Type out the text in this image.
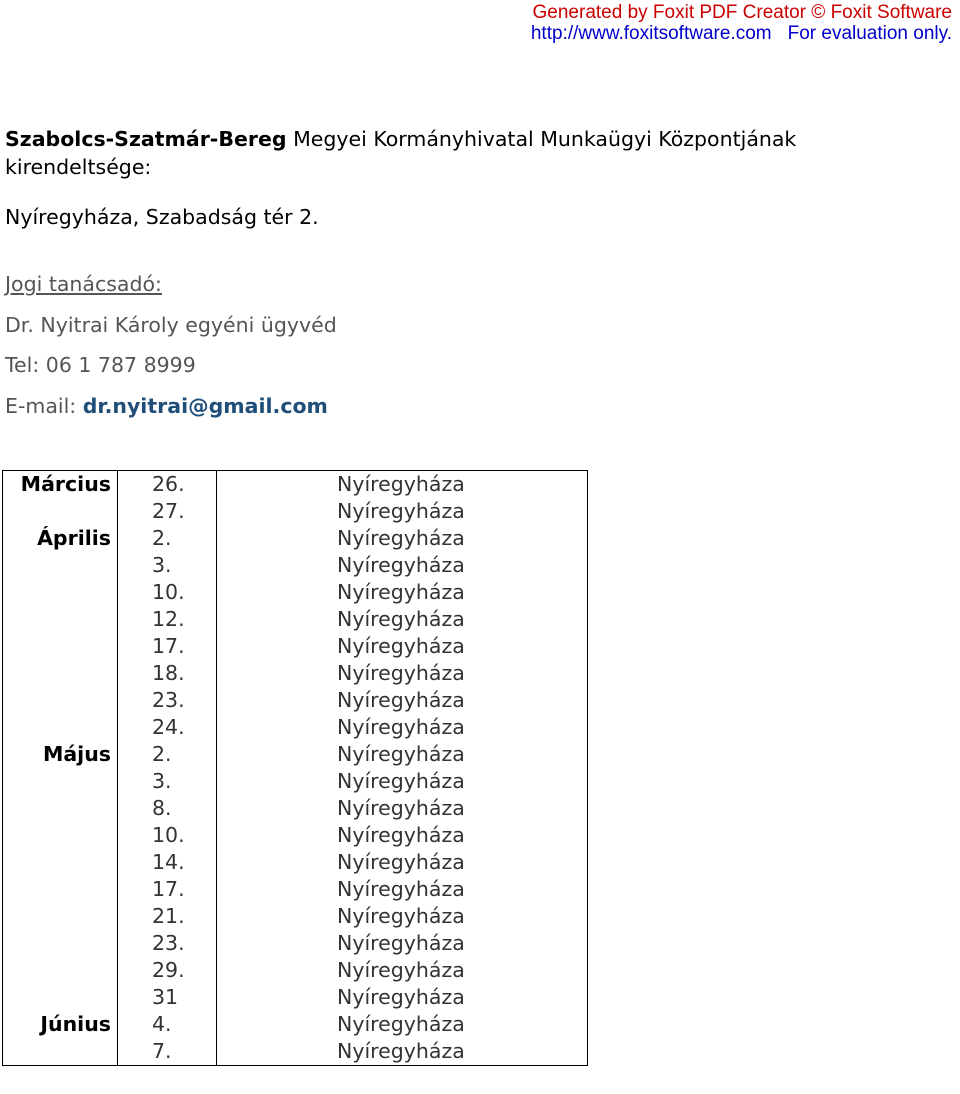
Generated by Foxit PDF Creator © Foxit Software
http://www.foxitsoftware.com For evaluation only.
Szabolcs-Szatmár-Bereg Megyei Kormányhivatal Munkaügyi Központjának
kirendeltsége:
Nyíregyháza, Szabadság tér 2.
Jogi tanácsadó:
Dr. Nyitrai Károly egyéni ügyvéd
Tel: 06 1 787 8999
E-mail: dr.nyitrai@gmail.com
Március	26.	Nyíregyháza
	27.	Nyíregyháza
Április	2.	Nyíregyháza
	3.	Nyíregyháza
	10.	Nyíregyháza
	12.	Nyíregyháza
	17.	Nyíregyháza
	18.	Nyíregyháza
	23.	Nyíregyháza
	24.	Nyíregyháza
Május	2.	Nyíregyháza
	3.	Nyíregyháza
	8.	Nyíregyháza
	10.	Nyíregyháza
	14.	Nyíregyháza
	17.	Nyíregyháza
	21.	Nyíregyháza
	23.	Nyíregyháza
	29.	Nyíregyháza
	31	Nyíregyháza
Június	4.	Nyíregyháza
	7.	Nyíregyháza
